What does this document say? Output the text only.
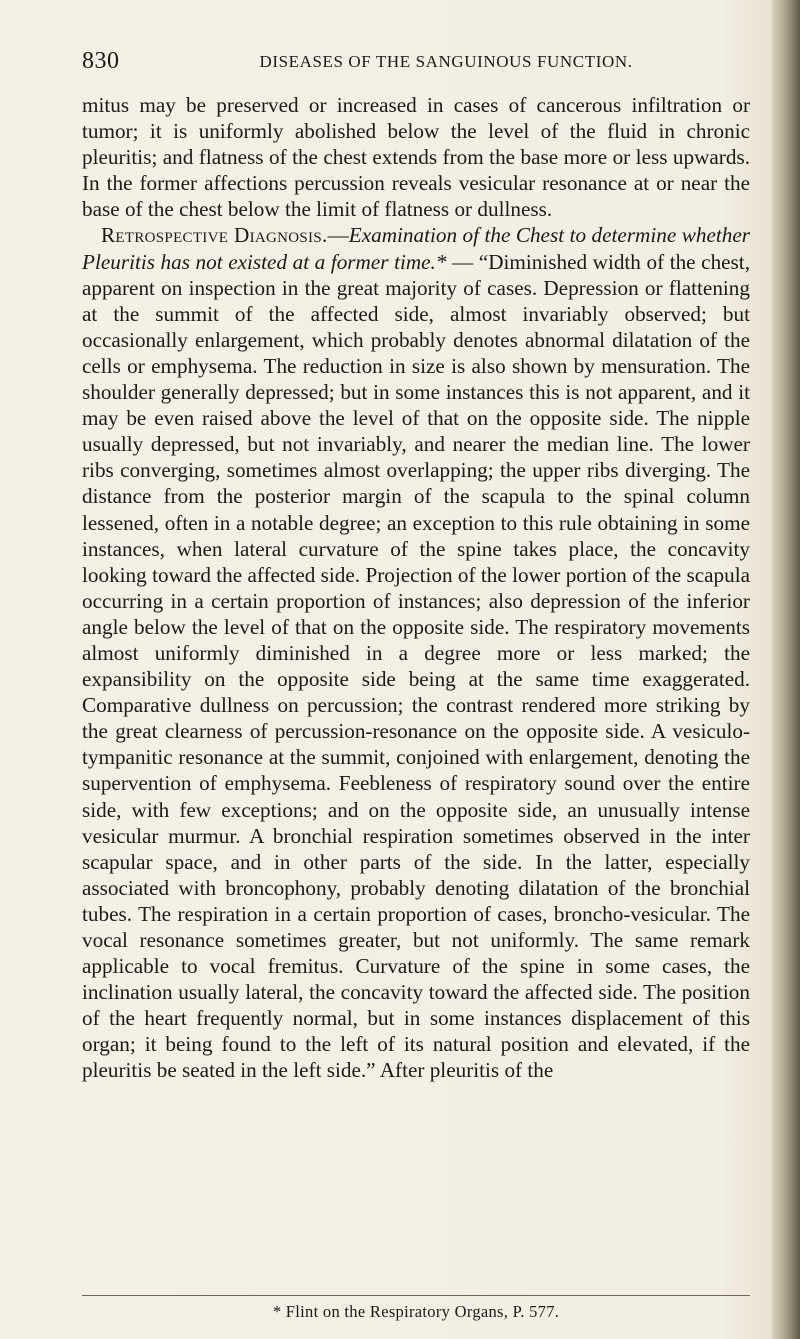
830	DISEASES OF THE SANGUINOUS FUNCTION.

mitus may be preserved or increased in cases of cancerous infiltration or tumor; it is uniformly abolished below the level of the fluid in chronic pleuritis; and flatness of the chest extends from the base more or less upwards. In the former affections percussion reveals vesicular resonance at or near the base of the chest below the limit of flatness or dullness.

Retrospective Diagnosis.—Examination of the Chest to determine whether Pleuritis has not existed at a former time.* — “Diminished width of the chest, apparent on inspection in the great majority of cases. Depression or flattening at the summit of the affected side, almost invariably observed; but occasionally enlargement, which probably denotes abnormal dilatation of the cells or emphysema. The reduction in size is also shown by mensuration. The shoulder generally depressed; but in some instances this is not apparent, and it may be even raised above the level of that on the opposite side. The nipple usually depressed, but not invariably, and nearer the median line. The lower ribs converging, sometimes almost overlapping; the upper ribs diverging. The distance from the posterior margin of the scapula to the spinal column lessened, often in a notable degree; an exception to this rule obtaining in some instances, when lateral curvature of the spine takes place, the concavity looking toward the affected side. Projection of the lower portion of the scapula occurring in a certain proportion of instances; also depression of the inferior angle below the level of that on the opposite side. The respiratory movements almost uniformly diminished in a degree more or less marked; the expansibility on the opposite side being at the same time exaggerated. Comparative dullness on percussion; the contrast rendered more striking by the great clearness of percussion-resonance on the opposite side. A vesiculo-tympanitic resonance at the summit, conjoined with enlargement, denoting the supervention of emphysema. Feebleness of respiratory sound over the entire side, with few exceptions; and on the opposite side, an unusually intense vesicular murmur. A bronchial respiration sometimes observed in the inter scapular space, and in other parts of the side. In the latter, especially associated with broncophony, probably denoting dilatation of the bronchial tubes. The respiration in a certain proportion of cases, broncho-vesicular. The vocal resonance sometimes greater, but not uniformly. The same remark applicable to vocal fremitus. Curvature of the spine in some cases, the inclination usually lateral, the concavity toward the affected side. The position of the heart frequently normal, but in some instances displacement of this organ; it being found to the left of its natural position and elevated, if the pleuritis be seated in the left side.” After pleuritis of the

* Flint on the Respiratory Organs, P. 577.
